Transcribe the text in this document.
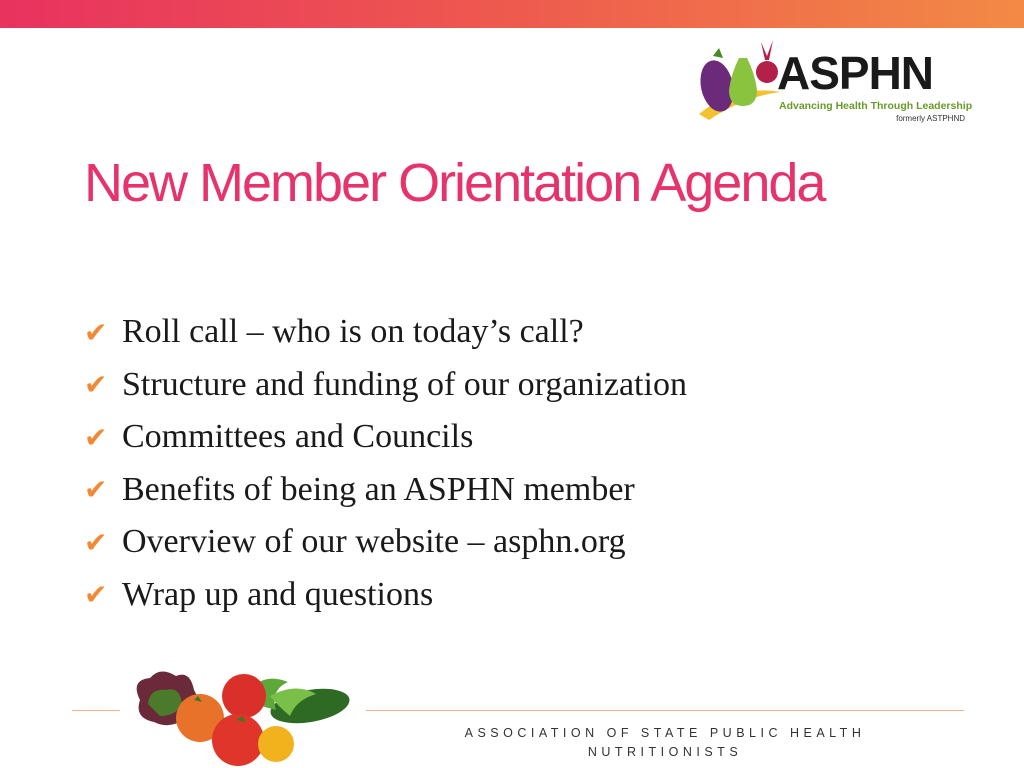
ASPHN
Advancing Health Through Leadership
formerly ASTPHND
New Member Orientation Agenda
✔ Roll call – who is on today’s call?
✔ Structure and funding of our organization
✔ Committees and Councils
✔ Benefits of being an ASPHN member
✔ Overview of our website – asphn.org
✔ Wrap up and questions
ASSOCIATION OF STATE PUBLIC HEALTH
NUTRITIONISTS
